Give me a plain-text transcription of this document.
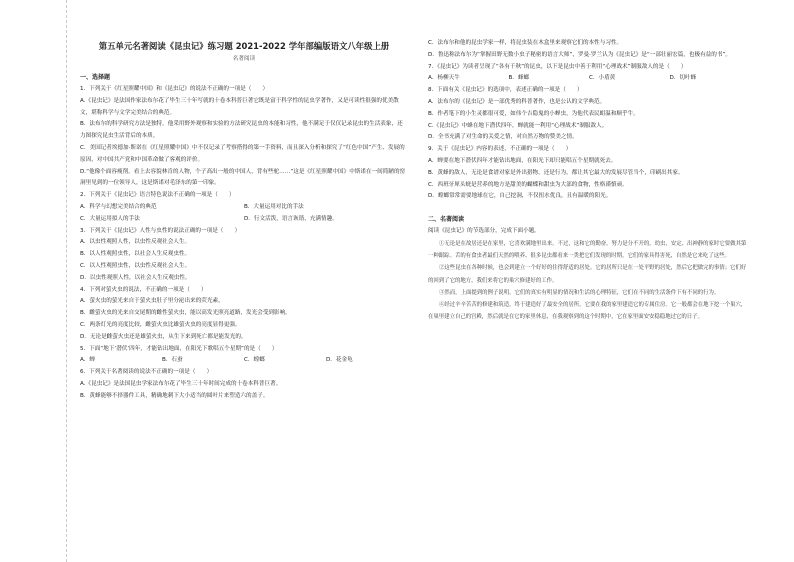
第五单元名著阅读《昆虫记》练习题 2021-2022 学年部编版语文八年级上册
名著阅读
一、选择题

1．下列关于《红星照耀中国》和《昆虫记》的说法不正确的一项是（　　）

A.《昆虫记》是法国作家法布尔花了毕生三十年写就的十卷本科普巨著它既是富于科学性的昆虫学著作，又是可读性很强的优美散文，堪称科学与文学完美结合的典范。

B．法布尔的科学研究方法是独特，他采用野外观察和实验的方法研究昆虫的本能和习性，他不满足于仅仅记录昆虫的生活表象，还力图探究昆虫生活背后的本质。

C．美国记者埃德加·斯诺在《红星照耀中国》中不仅记录了考察搭得的第一手资料，而且深入分析和探究了“红色中国”产生、发展的原因，对中国共产党和中国革命做了客观的评价。

D.“他像个面容瘦削，看上去容貌林肯的人物，个子高出一般的中国人，背有些驼……”这是《红星照耀中国》中斯诺在一间简陋的窑洞里见到的一位领导人，这是斯诺对毛泽东的第一印象。

2．下列关于《昆虫记》语言特色说法不正确的一项是（　　）

A．科学与幻想完美结合的典范	B．大量运用对比的手法
C．大量运用拟人的手法	D．行文活泼，语言诙谐，充满情趣。

3．下列关于《昆虫记》人性与虫性的说法正确的一项是（　　）

A．以虫性观照人性，以虫性反观社会人生。

B．以人性观照虫性，以社会人生反观虫性。

C．以人性观照虫性，以虫性反观社会人生。

D．以虫性观照人性，以社会人生反观虫性。

4．下列对萤火虫的说法，不正确的一项是（　　）

A．萤火虫的萤光来自于萤火虫肚子里分泌出来的荧光素。

B．雌萤火虫的光来自交尾期的雌性萤火虫，能以高发光照亮道路，发光会受到影响。

C．两条灯光的亮度比较，雌萤火虫比雄萤火虫的亮度显得更强。

D．无论是雌萤火虫还是雄萤火虫，从生下来到死亡都是能发光的。

5．下面“地下‘潜伏’四年，才能钻出地面，在阳光下歌唱五个星期”的是（　　）

A．蝉	B．石蚕	C．螳螂	D．花金龟

6．下列关于名著阅读的说法不正确的一项是（　　）

A.《昆虫记》是法国昆虫学家法布尔花了毕生三十年时间完成的十卷本科普巨著。

B．黄蜂能够不择器件工具，精确地刺下大小适当的圆叶片来塑造六的盖子。

C．法布尔和他的昆虫学家一样，将昆虫装在木盒里来观察它们的本性与习性。

D．鲁迅称法布尔为“掌握田野无数小虫子秘密的语言大师”，罗曼·罗兰认为《昆虫记》是“一部壮丽宏篇，也极有益的书”。

7．《昆虫记》为读者呈现了“各有千秋”的昆虫，以下是昆虫中善于利用“心理战术”制服敌人的是（　　）

A．杨柳天牛	B．蜂螂	C．小盾黄	D．切叶蜂

8．下面有关《昆虫记》的选项中，表述正确的一项是（　　）

A．法布尔的《昆虫记》是一部优秀的科普著作，也是公认的文学典范。

B．作者笔下的小生灵都很可爱，如伟个吉隐鬼的小蝉虫，为他代表民蛆温和顺乎牛。

C.《昆虫记》中蜂在地下潜伏四年，蝉就能一利用“心理战术”制服敌人。

D．全书充满了对生命的关爱之情，对自然万物的赞美之情。

9．关于《昆虫记》内容的表述，不正确的一项是（　　）

A．蝉要在地下潜伏四年才能钻出地面，在阳光下却只能唱五个星期就死去。

B．黄蜂的敌人，无论是食谱对家是外出猎物，还是行为，都让其它最大的发展尽管当个，印刷出其家。

C．西班牙犀头蜣是营养的地方是甜美的蝴蝶和甜虫为大部的食物，性格谨慎顽。

D．螳螂常常需要地球在它，自己挖洞，不仅扭水优良，且有温暖的阳光。

二、名著阅读

阅读《昆虫记》的节选部分，完成下面小题。

①无论是在故居还是在家里，它喜欢满地里出来。不过，这和它的勤奋，努力是分不开的。幼虫，安定、出神静的家时它要做其第一种跟踪。舌的有食虫者最们天然的喂养、很多昆虫都看来一类把它们发现的时期，它们的家具得害死，自然是它来吃了这些。

②这些昆虫在各种时候，也会到建立一个好好的住得舒适的居处。它的居所只是在一处平野的居处，然后它把做完的事情；它们好的回到了它的地方，我们来将它的巢穴修建好的工作。

③然而，上面提到的例子说明，它们的真实有明显的情况和生活的心理特征，它们在不同的生活条件下有不同的行为。

④经过辛辛苦苦的修建和筑造，终于建造好了最安全的居所，它要在我的家里建造它的专属住房。它一般都会在地下挖一个巢穴，在巢里建立自己的宫殿，然后就是在它的家里休息，在我观察到的这个时期中，它在家里面安安稳稳地过它的日子。
